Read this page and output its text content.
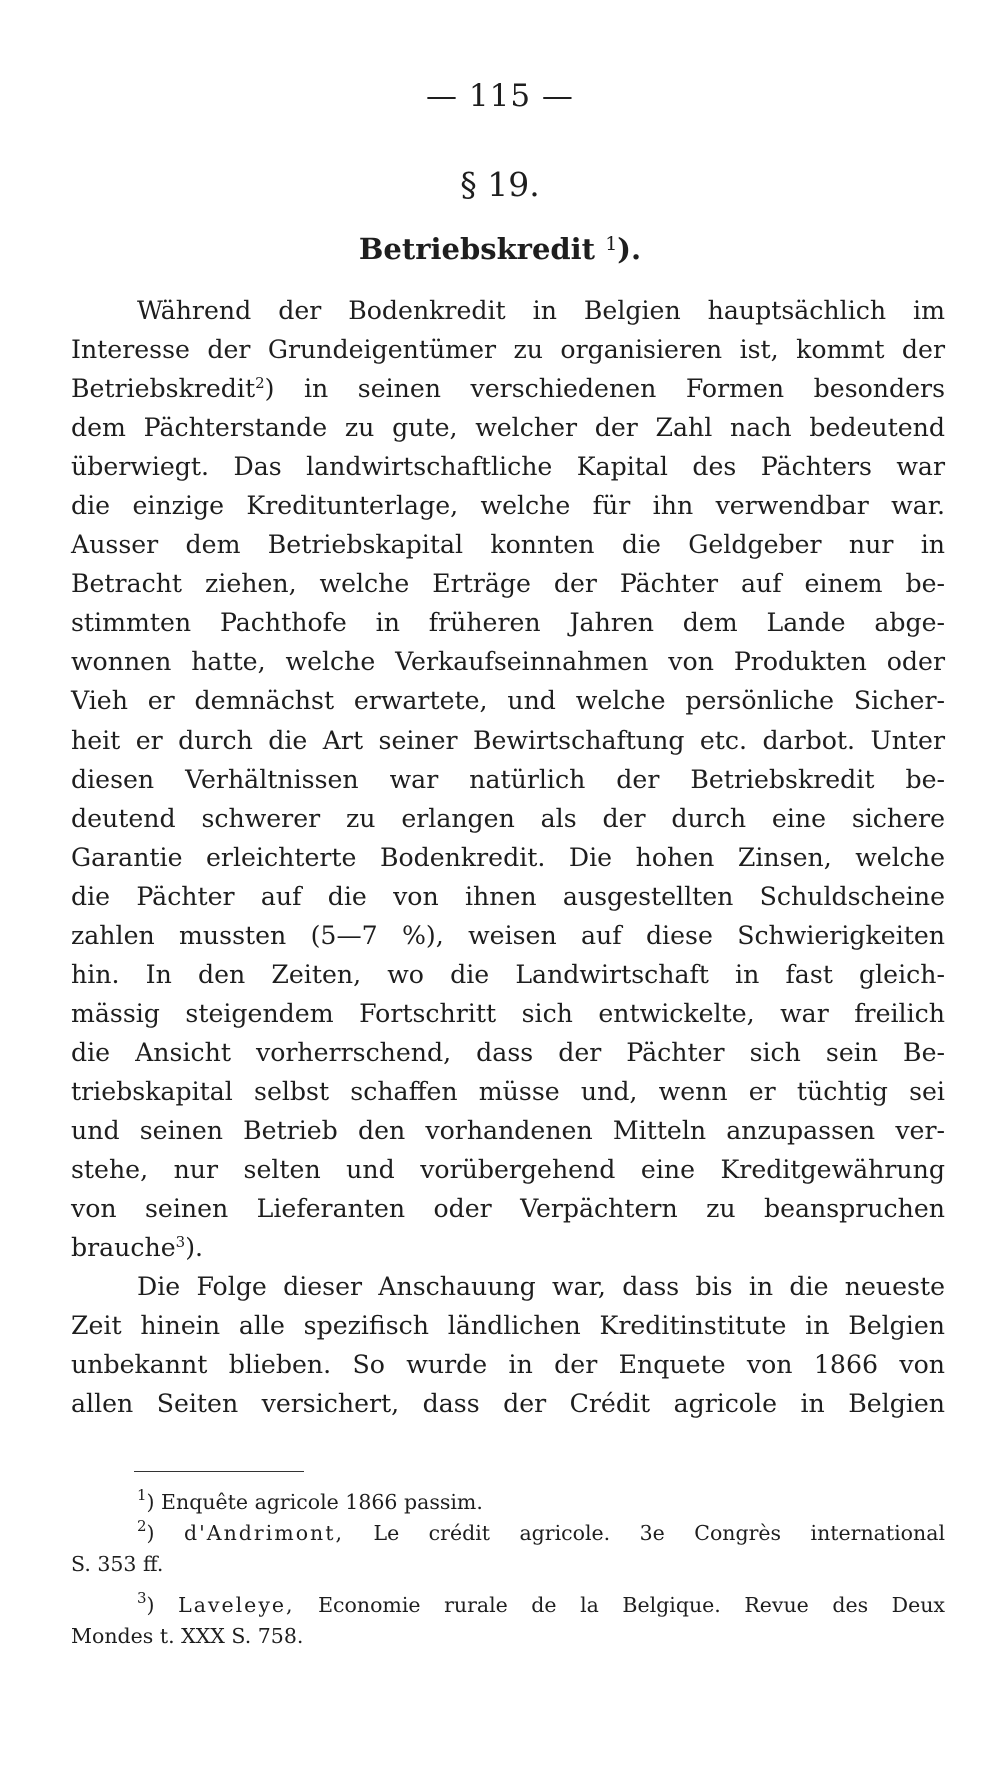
— 115 —
§ 19.
Betriebskredit $^1$).

Während der Bodenkredit in Belgien hauptsächlich im
Interesse der Grundeigentümer zu organisieren ist, kommt der
Betriebskredit$^2$) in seinen verschiedenen Formen besonders
dem Pächterstande zu gute, welcher der Zahl nach bedeutend
überwiegt. Das landwirtschaftliche Kapital des Pächters war
die einzige Kreditunterlage, welche für ihn verwendbar war.
Ausser dem Betriebskapital konnten die Geldgeber nur in
Betracht ziehen, welche Erträge der Pächter auf einem be-
stimmten Pachthofe in früheren Jahren dem Lande abge-
wonnen hatte, welche Verkaufseinnahmen von Produkten oder
Vieh er demnächst erwartete, und welche persönliche Sicher-
heit er durch die Art seiner Bewirtschaftung etc. darbot. Unter
diesen Verhältnissen war natürlich der Betriebskredit be-
deutend schwerer zu erlangen als der durch eine sichere
Garantie erleichterte Bodenkredit. Die hohen Zinsen, welche
die Pächter auf die von ihnen ausgestellten Schuldscheine
zahlen mussten (5—7 %), weisen auf diese Schwierigkeiten
hin. In den Zeiten, wo die Landwirtschaft in fast gleich-
mässig steigendem Fortschritt sich entwickelte, war freilich
die Ansicht vorherrschend, dass der Pächter sich sein Be-
triebskapital selbst schaffen müsse und, wenn er tüchtig sei
und seinen Betrieb den vorhandenen Mitteln anzupassen ver-
stehe, nur selten und vorübergehend eine Kreditgewährung
von seinen Lieferanten oder Verpächtern zu beanspruchen
brauche$^3$).

Die Folge dieser Anschauung war, dass bis in die neueste
Zeit hinein alle spezifisch ländlichen Kreditinstitute in Belgien
unbekannt blieben. So wurde in der Enquete von 1866 von
allen Seiten versichert, dass der Crédit agricole in Belgien

$^1$) Enquête agricole 1866 passim.
$^2$) d'Andrimont, Le crédit agricole. 3e Congrès international
S. 353 ff.
$^3$) Laveleye, Economie rurale de la Belgique. Revue des Deux
Mondes t. XXX S. 758.
